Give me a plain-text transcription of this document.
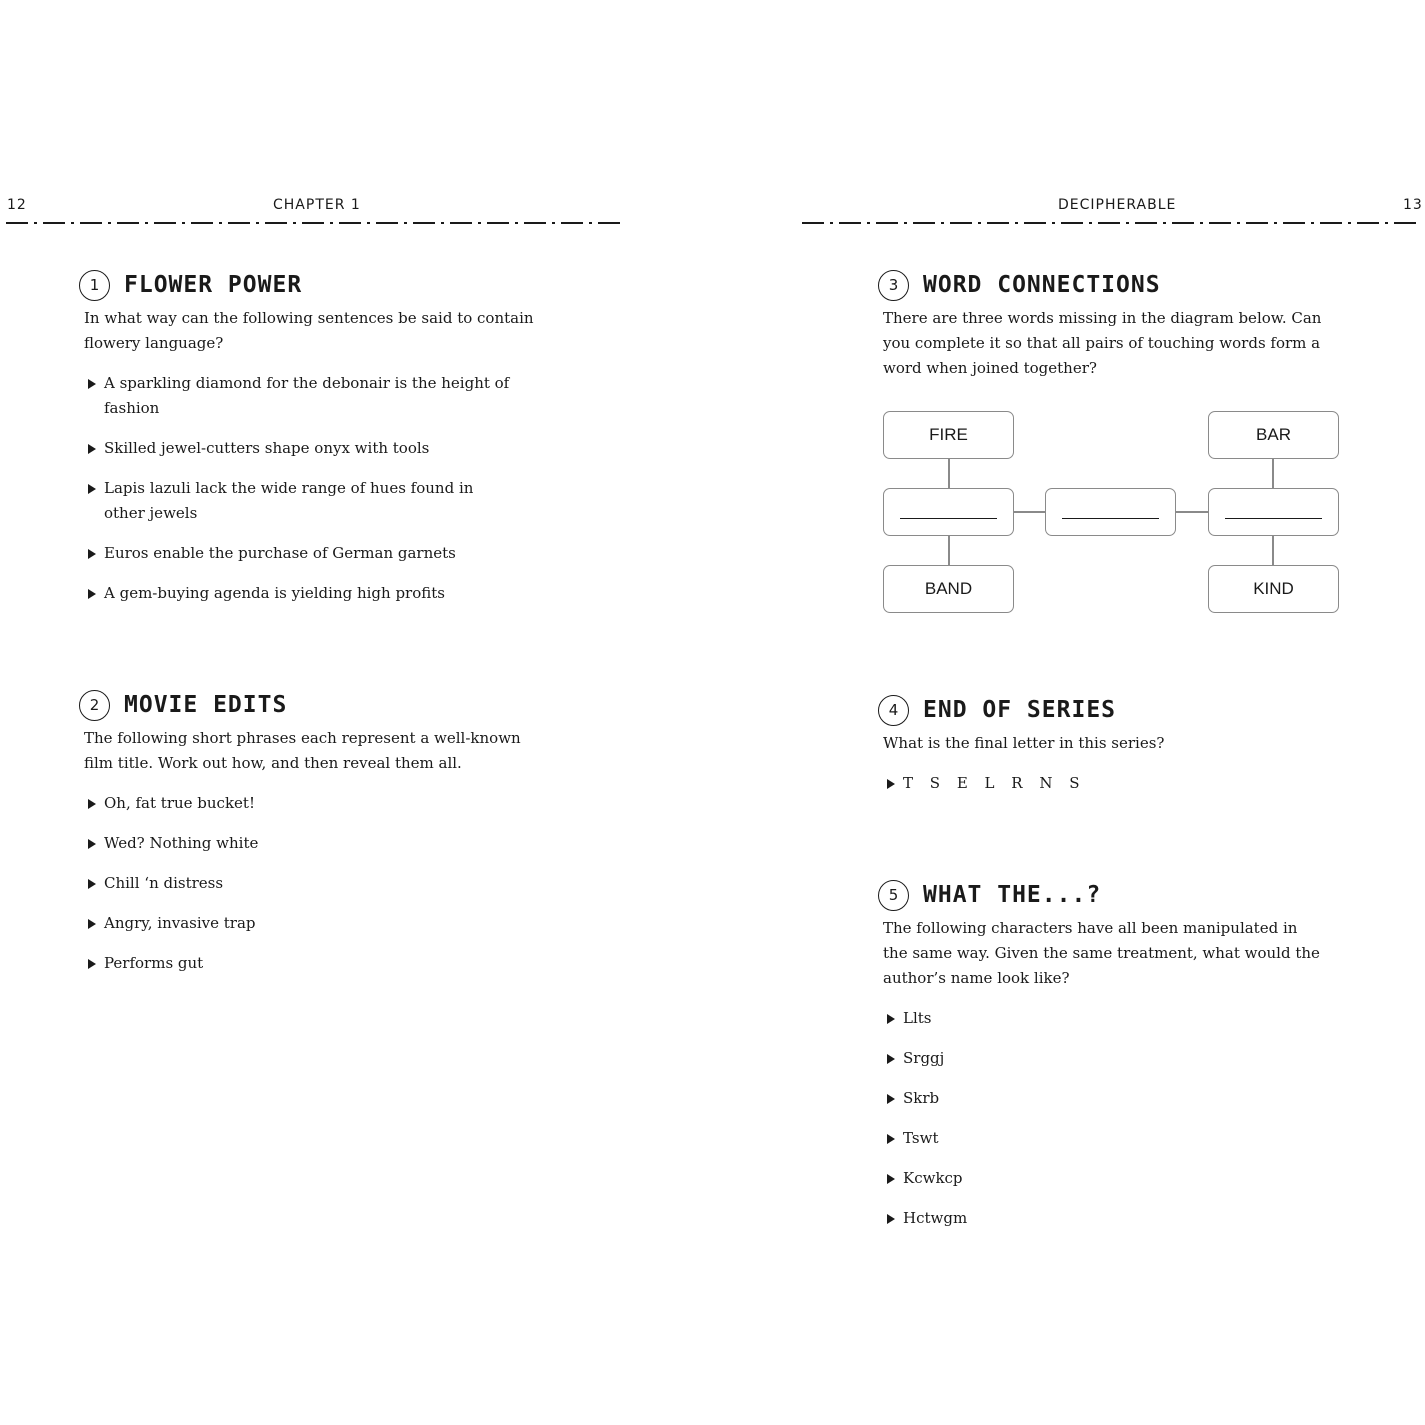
12	CHAPTER 1	DECIPHERABLE	13
1	FLOWER POWER

In what way can the following sentences be said to contain flowery language?

A sparkling diamond for the debonair is the height of fashion
Skilled jewel-cutters shape onyx with tools
Lapis lazuli lack the wide range of hues found in other jewels
Euros enable the purchase of German garnets
A gem-buying agenda is yielding high profits
2	MOVIE EDITS

The following short phrases each represent a well-known film title. Work out how, and then reveal them all.

Oh, fat true bucket!
Wed? Nothing white
Chill ‘n distress
Angry, invasive trap
Performs gut
3	WORD CONNECTIONS

There are three words missing in the diagram below. Can you complete it so that all pairs of touching words form a word when joined together?

FIRE	BAR
BAND	KIND
4	END OF SERIES

What is the final letter in this series?

T S E L R N S
5	WHAT THE...?

The following characters have all been manipulated in the same way. Given the same treatment, what would the author’s name look like?

Llts
Srggj
Skrb
Tswt
Kcwkcp
Hctwgm
